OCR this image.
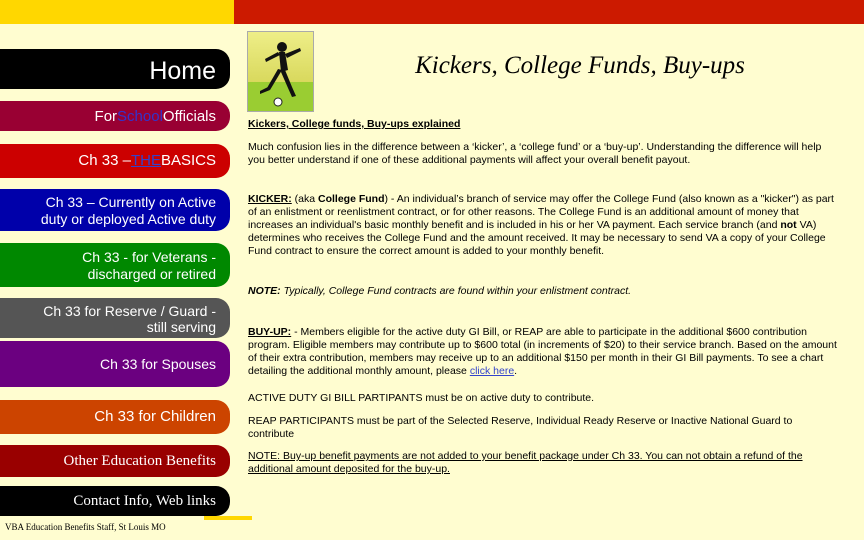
Home
ForSchoolOfficials
Ch 33 –THEBASICS
Ch 33 – Currently on Active
duty or deployed Active duty
Ch 33 - for Veterans -
discharged or retired
Ch 33 for Reserve / Guard -
still serving
Ch 33 for Spouses
Ch 33 for Children
Other Education Benefits
Contact Info, Web links
VBA Education Benefits Staff, St Louis MO
Kickers, College Funds, Buy-ups
Kickers, College funds, Buy-ups explained
Much confusion lies in the difference between a ‘kicker’, a ‘college fund’ or a ‘buy-up’. Understanding the difference will help you better understand if one of these additional payments will affect your overall benefit payout.
KICKER: (aka College Fund) - An individual’s branch of service may offer the College Fund (also known as a "kicker") as part of an enlistment or reenlistment contract, or for other reasons. The College Fund is an additional amount of money that increases an individual's basic monthly benefit and is included in his or her VA payment. Each service branch (and not VA) determines who receives the College Fund and the amount received. It may be necessary to send VA a copy of your College Fund contract to ensure the correct amount is added to your monthly benefit.
NOTE: Typically, College Fund contracts are found within your enlistment contract.
BUY-UP: - Members eligible for the active duty GI Bill, or REAP are able to participate in the additional $600 contribution program. Eligible members may contribute up to $600 total (in increments of $20) to their service branch. Based on the amount of their extra contribution, members may receive up to an additional $150 per month in their GI Bill payments. To see a chart detailing the additional monthly amount, please click here.
ACTIVE DUTY GI BILL PARTIPANTS must be on active duty to contribute.
REAP PARTICIPANTS must be part of the Selected Reserve, Individual Ready Reserve or Inactive National Guard to contribute
NOTE: Buy-up benefit payments are not added to your benefit package under Ch 33. You can not obtain a refund of the additional amount deposited for the buy-up.
